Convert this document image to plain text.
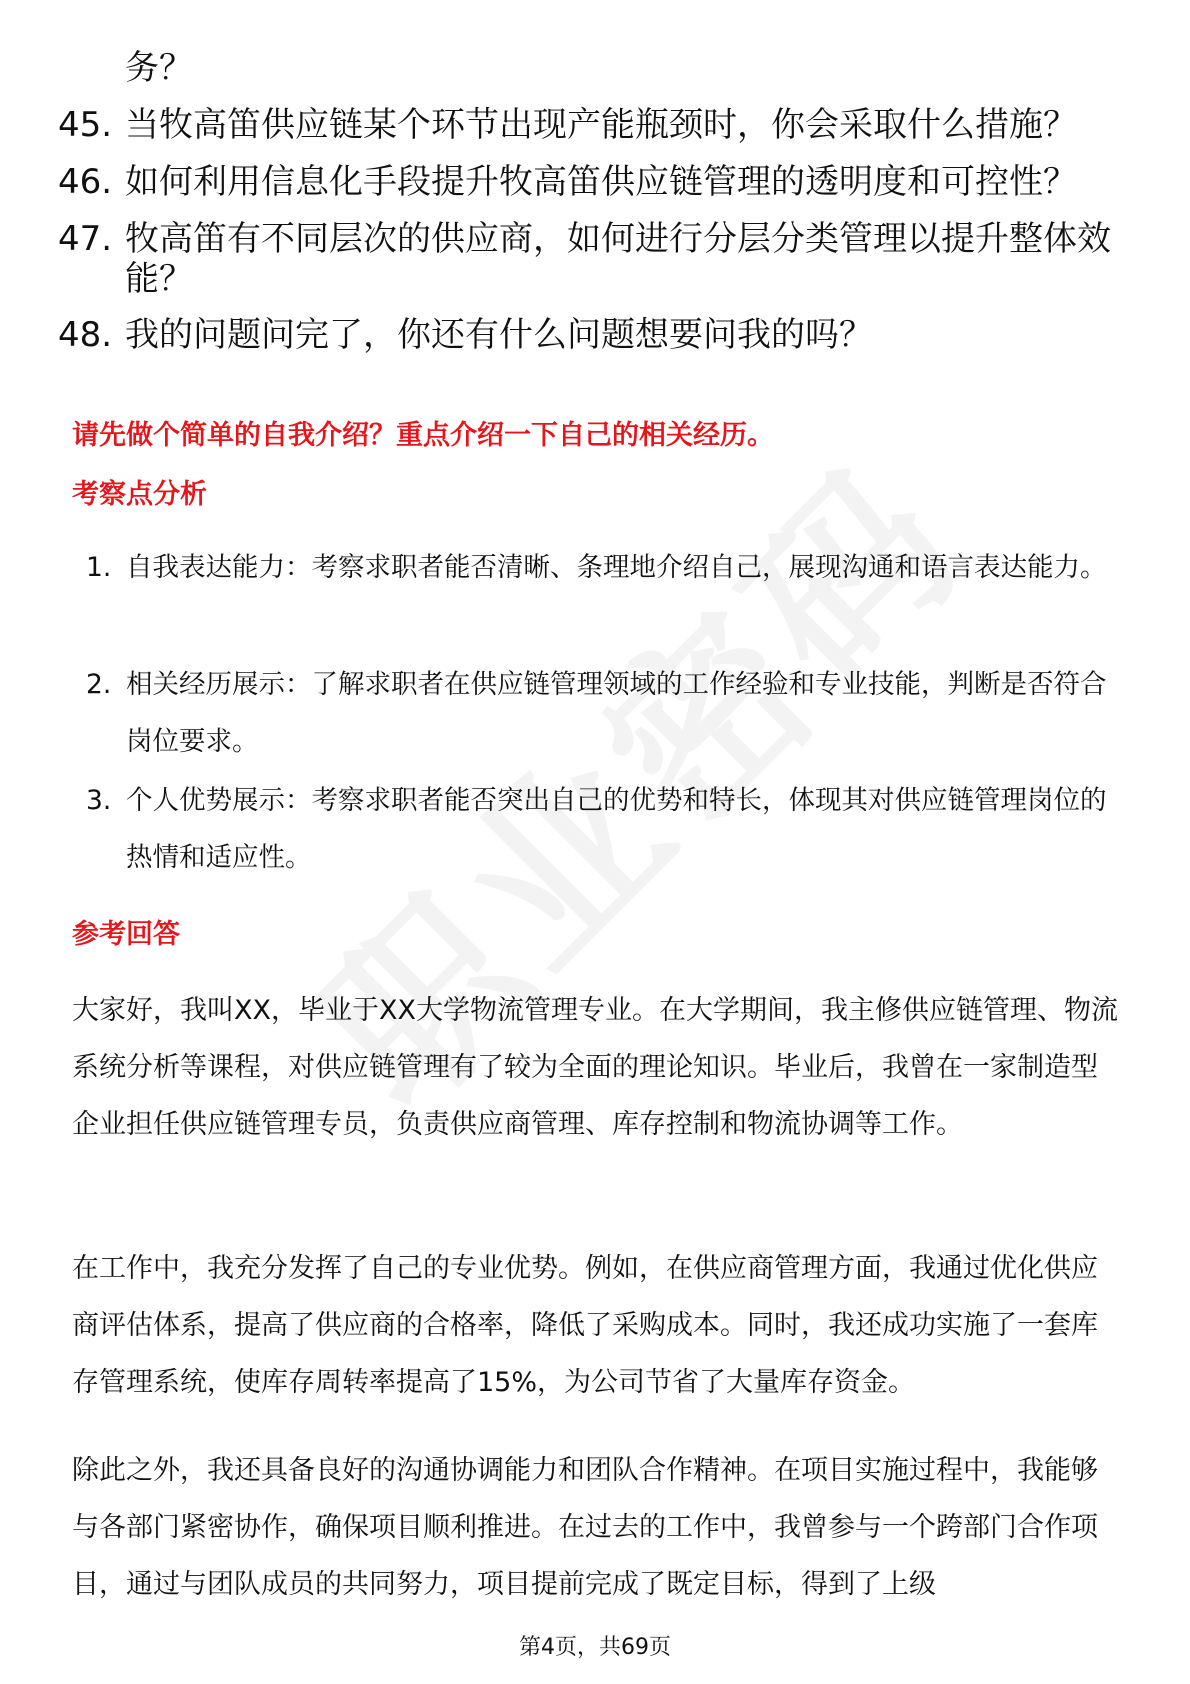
务？
45. 当牧高笛供应链某个环节出现产能瓶颈时，你会采取什么措施？
46. 如何利用信息化手段提升牧高笛供应链管理的透明度和可控性？
47. 牧高笛有不同层次的供应商，如何进行分层分类管理以提升整体效能？
48. 我的问题问完了，你还有什么问题想要问我的吗？
请先做个简单的自我介绍？重点介绍一下自己的相关经历。
考察点分析
1. 自我表达能力：考察求职者能否清晰、条理地介绍自己，展现沟通和语言表达能力。
2. 相关经历展示：了解求职者在供应链管理领域的工作经验和专业技能，判断是否符合岗位要求。
3. 个人优势展示：考察求职者能否突出自己的优势和特长，体现其对供应链管理岗位的热情和适应性。
参考回答
大家好，我叫XX，毕业于XX大学物流管理专业。在大学期间，我主修供应链管理、物流系统分析等课程，对供应链管理有了较为全面的理论知识。毕业后，我曾在一家制造型企业担任供应链管理专员，负责供应商管理、库存控制和物流协调等工作。
在工作中，我充分发挥了自己的专业优势。例如，在供应商管理方面，我通过优化供应商评估体系，提高了供应商的合格率，降低了采购成本。同时，我还成功实施了一套库存管理系统，使库存周转率提高了15%，为公司节省了大量库存资金。
除此之外，我还具备良好的沟通协调能力和团队合作精神。在项目实施过程中，我能够与各部门紧密协作，确保项目顺利推进。在过去的工作中，我曾参与一个跨部门合作项目，通过与团队成员的共同努力，项目提前完成了既定目标，得到了上级
第4页，共69页
